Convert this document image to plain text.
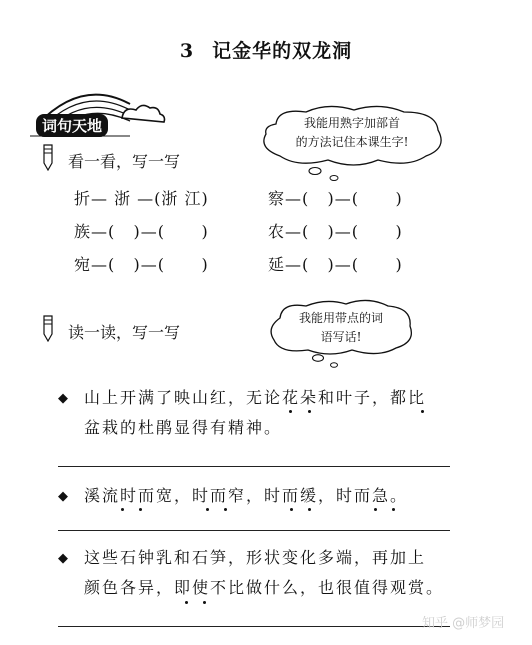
3 记金华的双龙洞
词句天地	我能用熟字加部首
的方法记住本课生字!
看一看，写一写
折— 浙 —(浙 江)	察—(   )—(      )
族—(   )—(      )	农—(   )—(      )
宛—(   )—(      )	延—(   )—(      )
我能用带点的词
语写话!
读一读，写一写
◆ 山上开满了映山红，无论花朵和叶子，都比
盆栽的杜鹃显得有精神。
◆ 溪流时而宽，时而窄，时而缓，时而急。
◆ 这些石钟乳和石笋，形状变化多端，再加上
颜色各异，即使不比做什么，也很值得观赏。
知乎 @师梦园
